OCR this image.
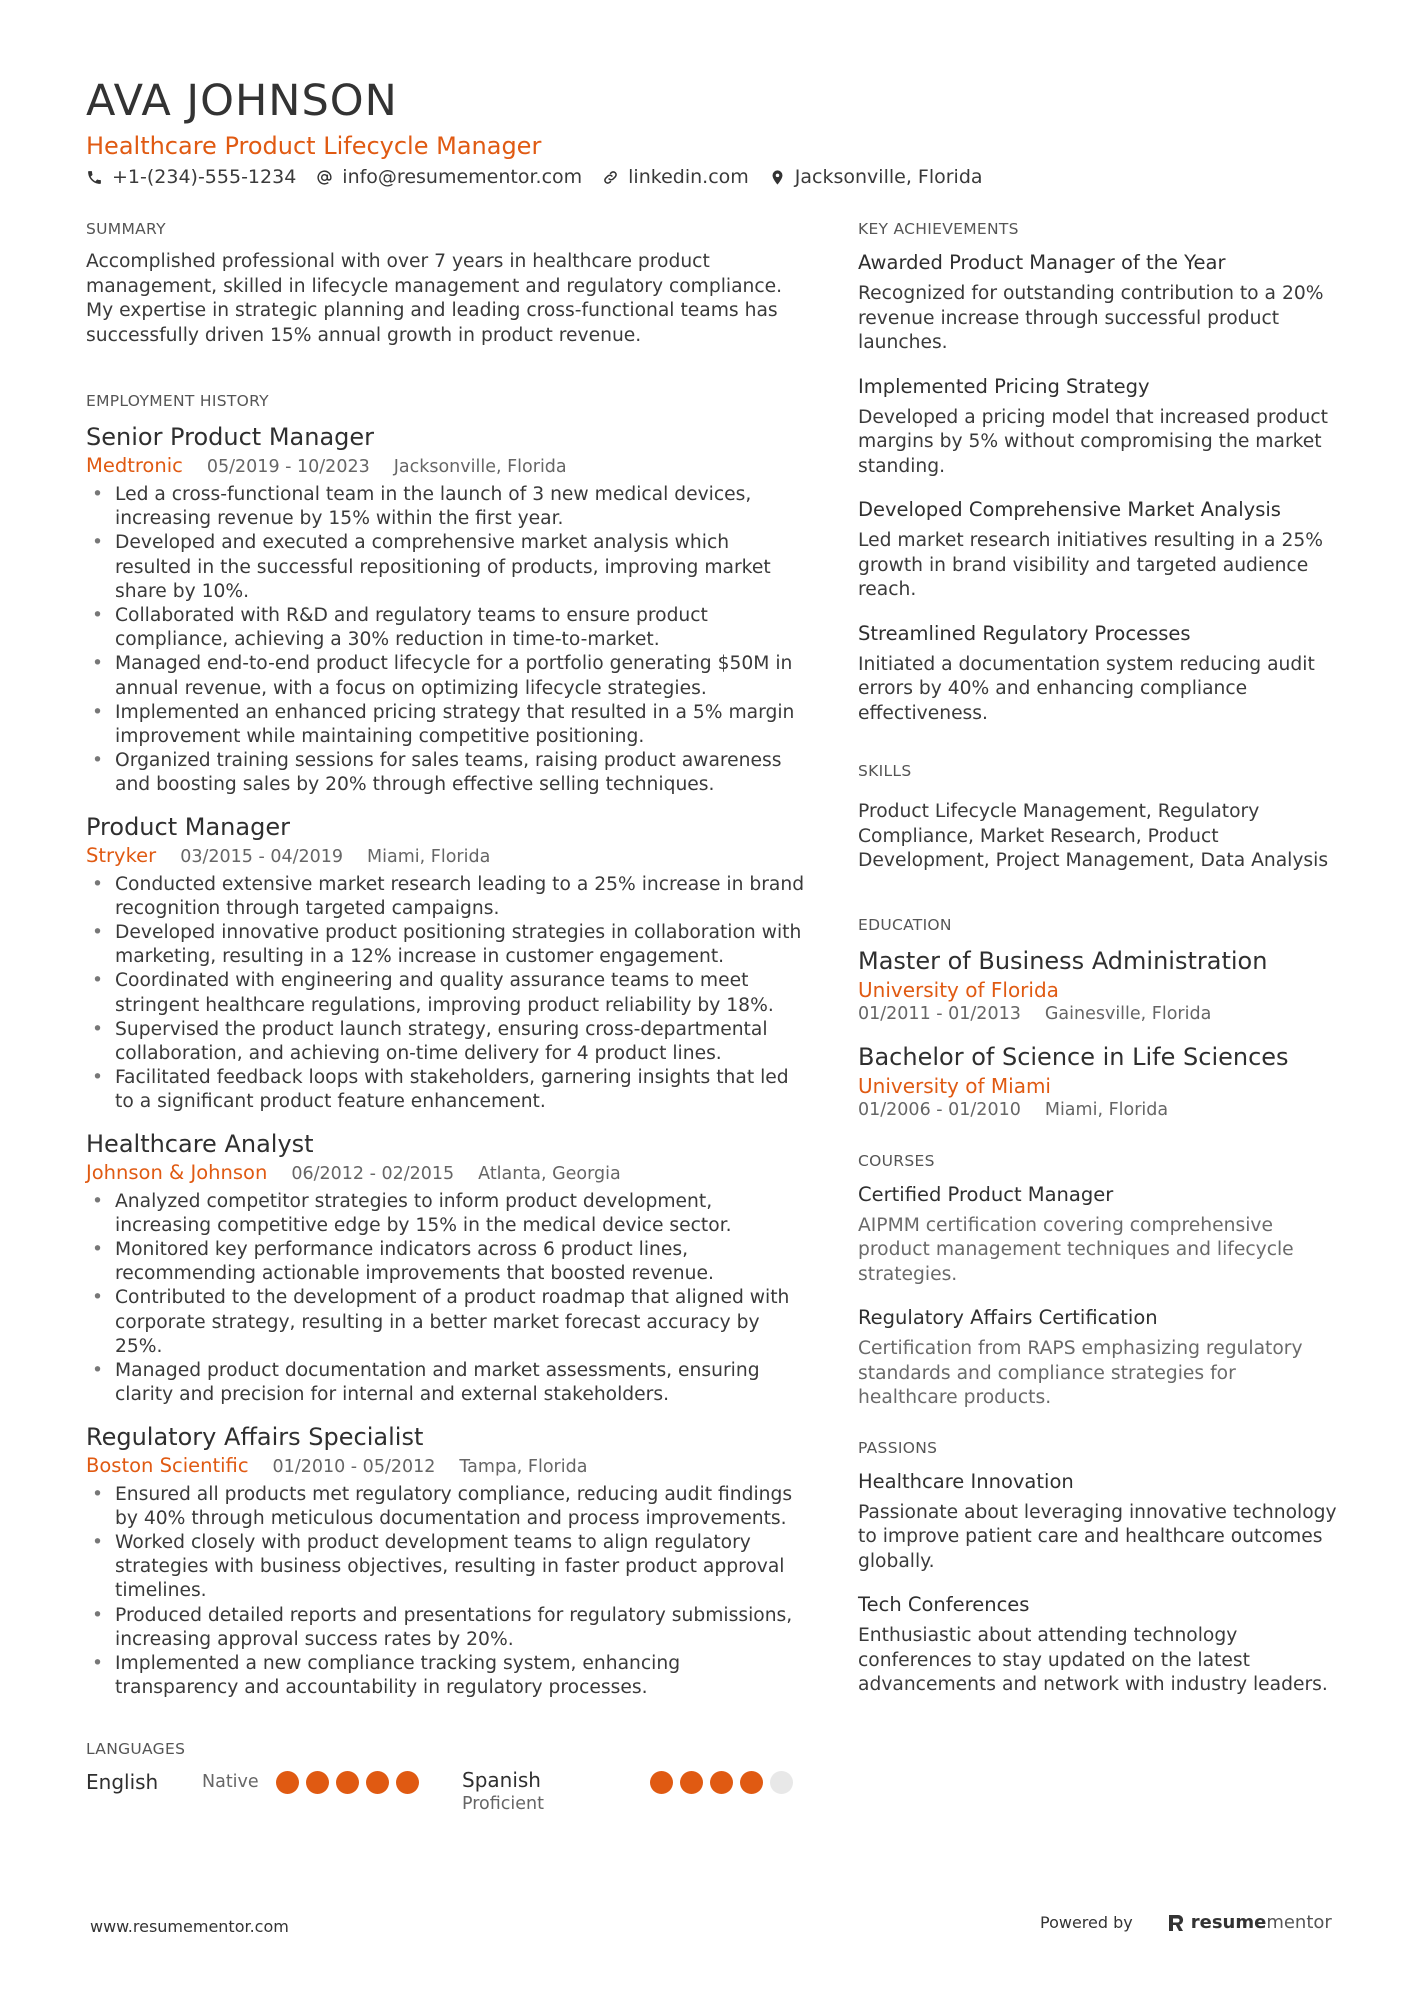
AVA JOHNSON
Healthcare Product Lifecycle Manager
+1-(234)-555-1234 info@resumementor.com linkedin.com Jacksonville, Florida
SUMMARY
Accomplished professional with over 7 years in healthcare product management, skilled in lifecycle management and regulatory compliance. My expertise in strategic planning and leading cross-functional teams has successfully driven 15% annual growth in product revenue.
EMPLOYMENT HISTORY
Senior Product Manager
Medtronic 05/2019 - 10/2023 Jacksonville, Florida
• Led a cross-functional team in the launch of 3 new medical devices, increasing revenue by 15% within the first year.
• Developed and executed a comprehensive market analysis which resulted in the successful repositioning of products, improving market share by 10%.
• Collaborated with R&D and regulatory teams to ensure product compliance, achieving a 30% reduction in time-to-market.
• Managed end-to-end product lifecycle for a portfolio generating $50M in annual revenue, with a focus on optimizing lifecycle strategies.
• Implemented an enhanced pricing strategy that resulted in a 5% margin improvement while maintaining competitive positioning.
• Organized training sessions for sales teams, raising product awareness and boosting sales by 20% through effective selling techniques.
Product Manager
Stryker 03/2015 - 04/2019 Miami, Florida
• Conducted extensive market research leading to a 25% increase in brand recognition through targeted campaigns.
• Developed innovative product positioning strategies in collaboration with marketing, resulting in a 12% increase in customer engagement.
• Coordinated with engineering and quality assurance teams to meet stringent healthcare regulations, improving product reliability by 18%.
• Supervised the product launch strategy, ensuring cross-departmental collaboration, and achieving on-time delivery for 4 product lines.
• Facilitated feedback loops with stakeholders, garnering insights that led to a significant product feature enhancement.
Healthcare Analyst
Johnson & Johnson 06/2012 - 02/2015 Atlanta, Georgia
• Analyzed competitor strategies to inform product development, increasing competitive edge by 15% in the medical device sector.
• Monitored key performance indicators across 6 product lines, recommending actionable improvements that boosted revenue.
• Contributed to the development of a product roadmap that aligned with corporate strategy, resulting in a better market forecast accuracy by 25%.
• Managed product documentation and market assessments, ensuring clarity and precision for internal and external stakeholders.
Regulatory Affairs Specialist
Boston Scientific 01/2010 - 05/2012 Tampa, Florida
• Ensured all products met regulatory compliance, reducing audit findings by 40% through meticulous documentation and process improvements.
• Worked closely with product development teams to align regulatory strategies with business objectives, resulting in faster product approval timelines.
• Produced detailed reports and presentations for regulatory submissions, increasing approval success rates by 20%.
• Implemented a new compliance tracking system, enhancing transparency and accountability in regulatory processes.
LANGUAGES
English	Native	Spanish
Proficient
KEY ACHIEVEMENTS
Awarded Product Manager of the Year
Recognized for outstanding contribution to a 20% revenue increase through successful product launches.
Implemented Pricing Strategy
Developed a pricing model that increased product margins by 5% without compromising the market standing.
Developed Comprehensive Market Analysis
Led market research initiatives resulting in a 25% growth in brand visibility and targeted audience reach.
Streamlined Regulatory Processes
Initiated a documentation system reducing audit errors by 40% and enhancing compliance effectiveness.
SKILLS
Product Lifecycle Management, Regulatory Compliance, Market Research, Product Development, Project Management, Data Analysis
EDUCATION
Master of Business Administration
University of Florida
01/2011 - 01/2013 Gainesville, Florida
Bachelor of Science in Life Sciences
University of Miami
01/2006 - 01/2010 Miami, Florida
COURSES
Certified Product Manager
AIPMM certification covering comprehensive product management techniques and lifecycle strategies.
Regulatory Affairs Certification
Certification from RAPS emphasizing regulatory standards and compliance strategies for healthcare products.
PASSIONS
Healthcare Innovation
Passionate about leveraging innovative technology to improve patient care and healthcare outcomes globally.
Tech Conferences
Enthusiastic about attending technology conferences to stay updated on the latest advancements and network with industry leaders.
www.resumementor.com	Powered by	resumementor
